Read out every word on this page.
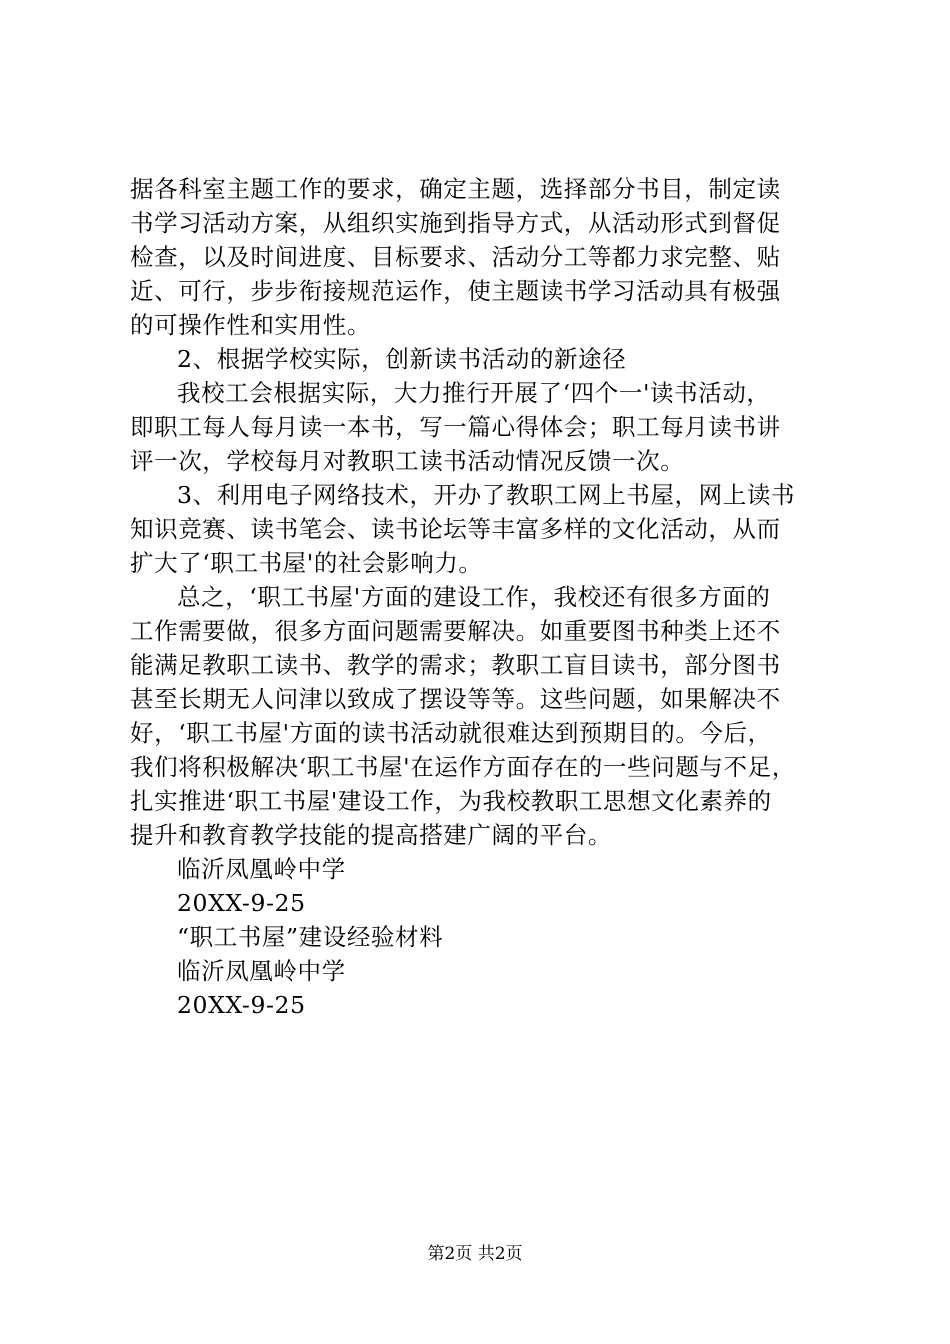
据各科室主题工作的要求，确定主题，选择部分书目，制定读
书学习活动方案，从组织实施到指导方式，从活动形式到督促
检查，以及时间进度、目标要求、活动分工等都力求完整、贴
近、可行，步步衔接规范运作，使主题读书学习活动具有极强
的可操作性和实用性。
2、根据学校实际，创新读书活动的新途径
我校工会根据实际，大力推行开展了‘四个一'读书活动，
即职工每人每月读一本书，写一篇心得体会；职工每月读书讲
评一次，学校每月对教职工读书活动情况反馈一次。
3、利用电子网络技术，开办了教职工网上书屋，网上读书
知识竞赛、读书笔会、读书论坛等丰富多样的文化活动，从而
扩大了‘职工书屋'的社会影响力。
总之，‘职工书屋'方面的建设工作，我校还有很多方面的
工作需要做，很多方面问题需要解决。如重要图书种类上还不
能满足教职工读书、教学的需求；教职工盲目读书，部分图书
甚至长期无人问津以致成了摆设等等。这些问题，如果解决不
好，‘职工书屋'方面的读书活动就很难达到预期目的。今后，
我们将积极解决‘职工书屋'在运作方面存在的一些问题与不足，
扎实推进‘职工书屋'建设工作，为我校教职工思想文化素养的
提升和教育教学技能的提高搭建广阔的平台。
临沂凤凰岭中学
20XX-9-25
“职工书屋”建设经验材料
临沂凤凰岭中学
20XX-9-25
第2页 共2页
